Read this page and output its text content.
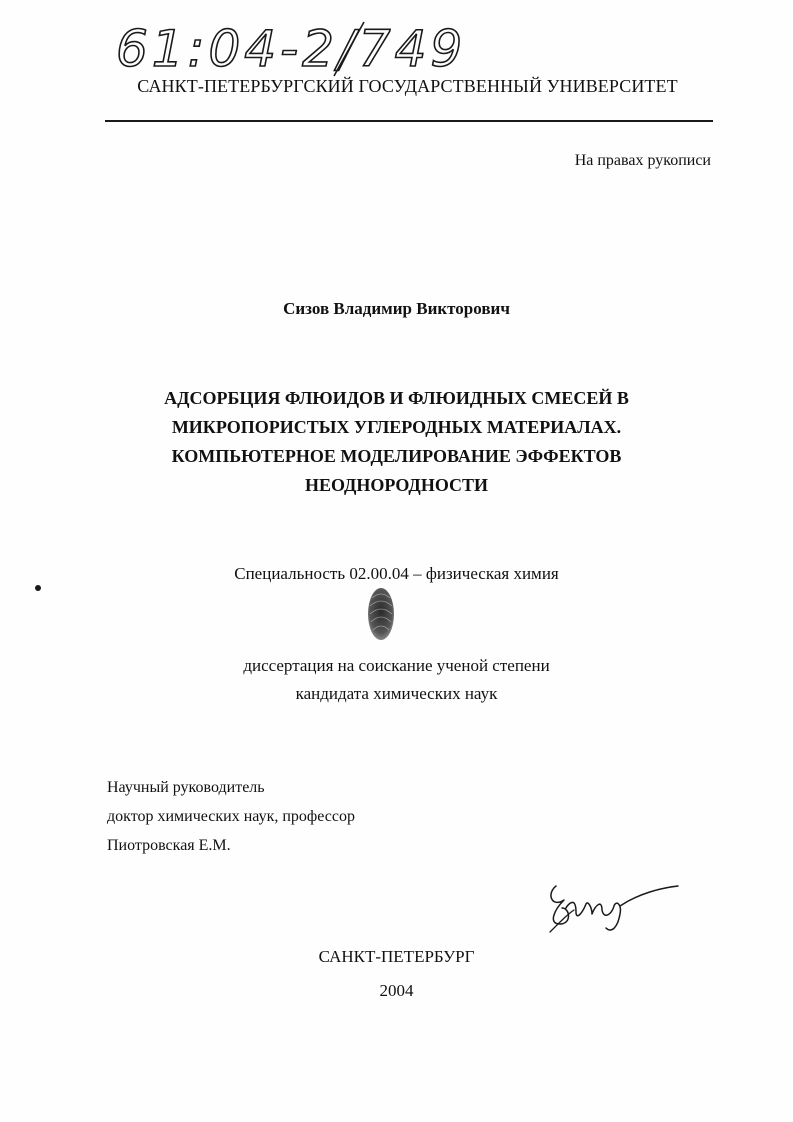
61:04-2/749
САНКТ-ПЕТЕРБУРГСКИЙ ГОСУДАРСТВЕННЫЙ УНИВЕРСИТЕТ
На правах рукописи
Сизов Владимир Викторович
АДСОРБЦИЯ ФЛЮИДОВ И ФЛЮИДНЫХ СМЕСЕЙ В
МИКРОПОРИСТЫХ УГЛЕРОДНЫХ МАТЕРИАЛАХ.
КОМПЬЮТЕРНОЕ МОДЕЛИРОВАНИЕ ЭФФЕКТОВ
НЕОДНОРОДНОСТИ
Специальность 02.00.04 – физическая химия
диссертация на соискание ученой степени
кандидата химических наук
Научный руководитель
доктор химических наук, профессор
Пиотровская Е.М.
САНКТ-ПЕТЕРБУРГ
2004
